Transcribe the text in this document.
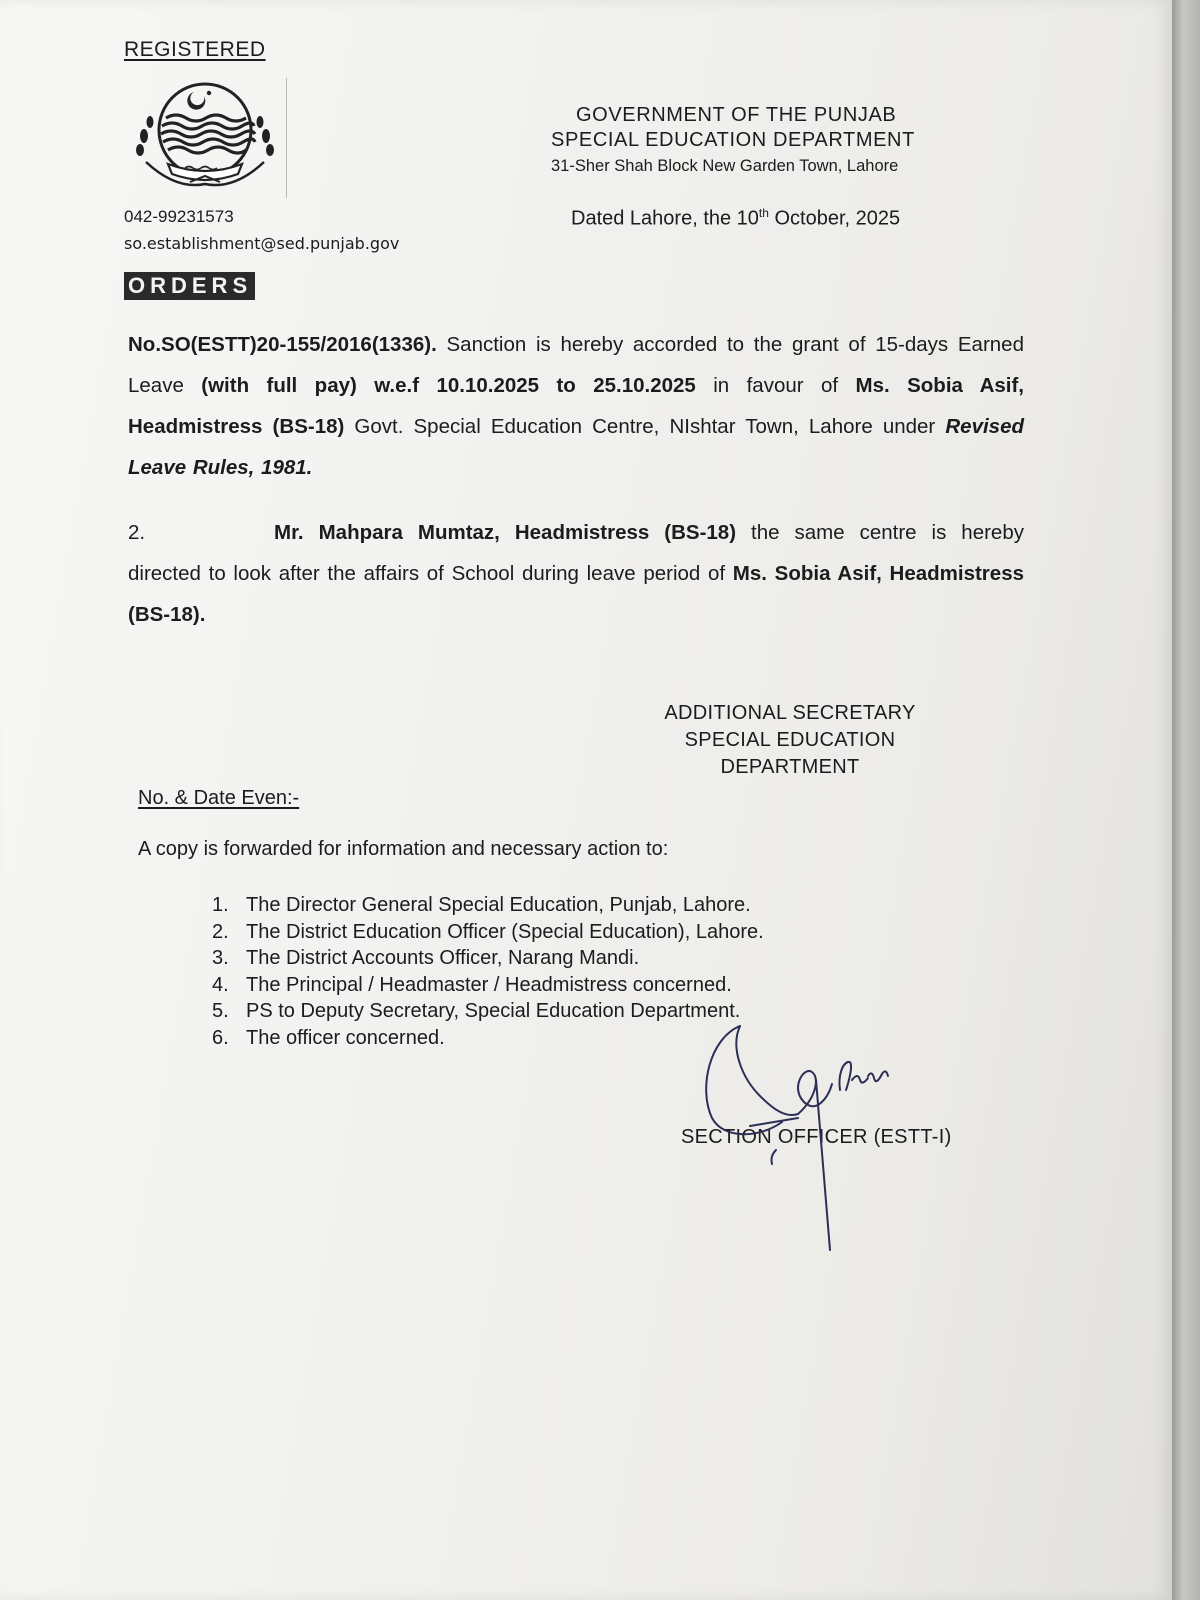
REGISTERED
GOVERNMENT OF THE PUNJAB
SPECIAL EDUCATION DEPARTMENT
31-Sher Shah Block New Garden Town, Lahore
042-99231573
so.establishment@sed.punjab.gov
Dated Lahore, the 10th October, 2025
ORDERS
No.SO(ESTT)20-155/2016(1336). Sanction is hereby accorded to the grant of 15-days Earned Leave (with full pay) w.e.f 10.10.2025 to 25.10.2025 in favour of Ms. Sobia Asif, Headmistress (BS-18) Govt. Special Education Centre, NIshtar Town, Lahore under Revised Leave Rules, 1981.
2.	Mr. Mahpara Mumtaz, Headmistress (BS-18) the same centre is hereby directed to look after the affairs of School during leave period of Ms. Sobia Asif, Headmistress (BS-18).
ADDITIONAL SECRETARY
SPECIAL EDUCATION
DEPARTMENT
No. & Date Even:-
A copy is forwarded for information and necessary action to:
1. The Director General Special Education, Punjab, Lahore.
2. The District Education Officer (Special Education), Lahore.
3. The District Accounts Officer, Narang Mandi.
4. The Principal / Headmaster / Headmistress concerned.
5. PS to Deputy Secretary, Special Education Department.
6. The officer concerned.
SECTION OFFICER (ESTT-I)
